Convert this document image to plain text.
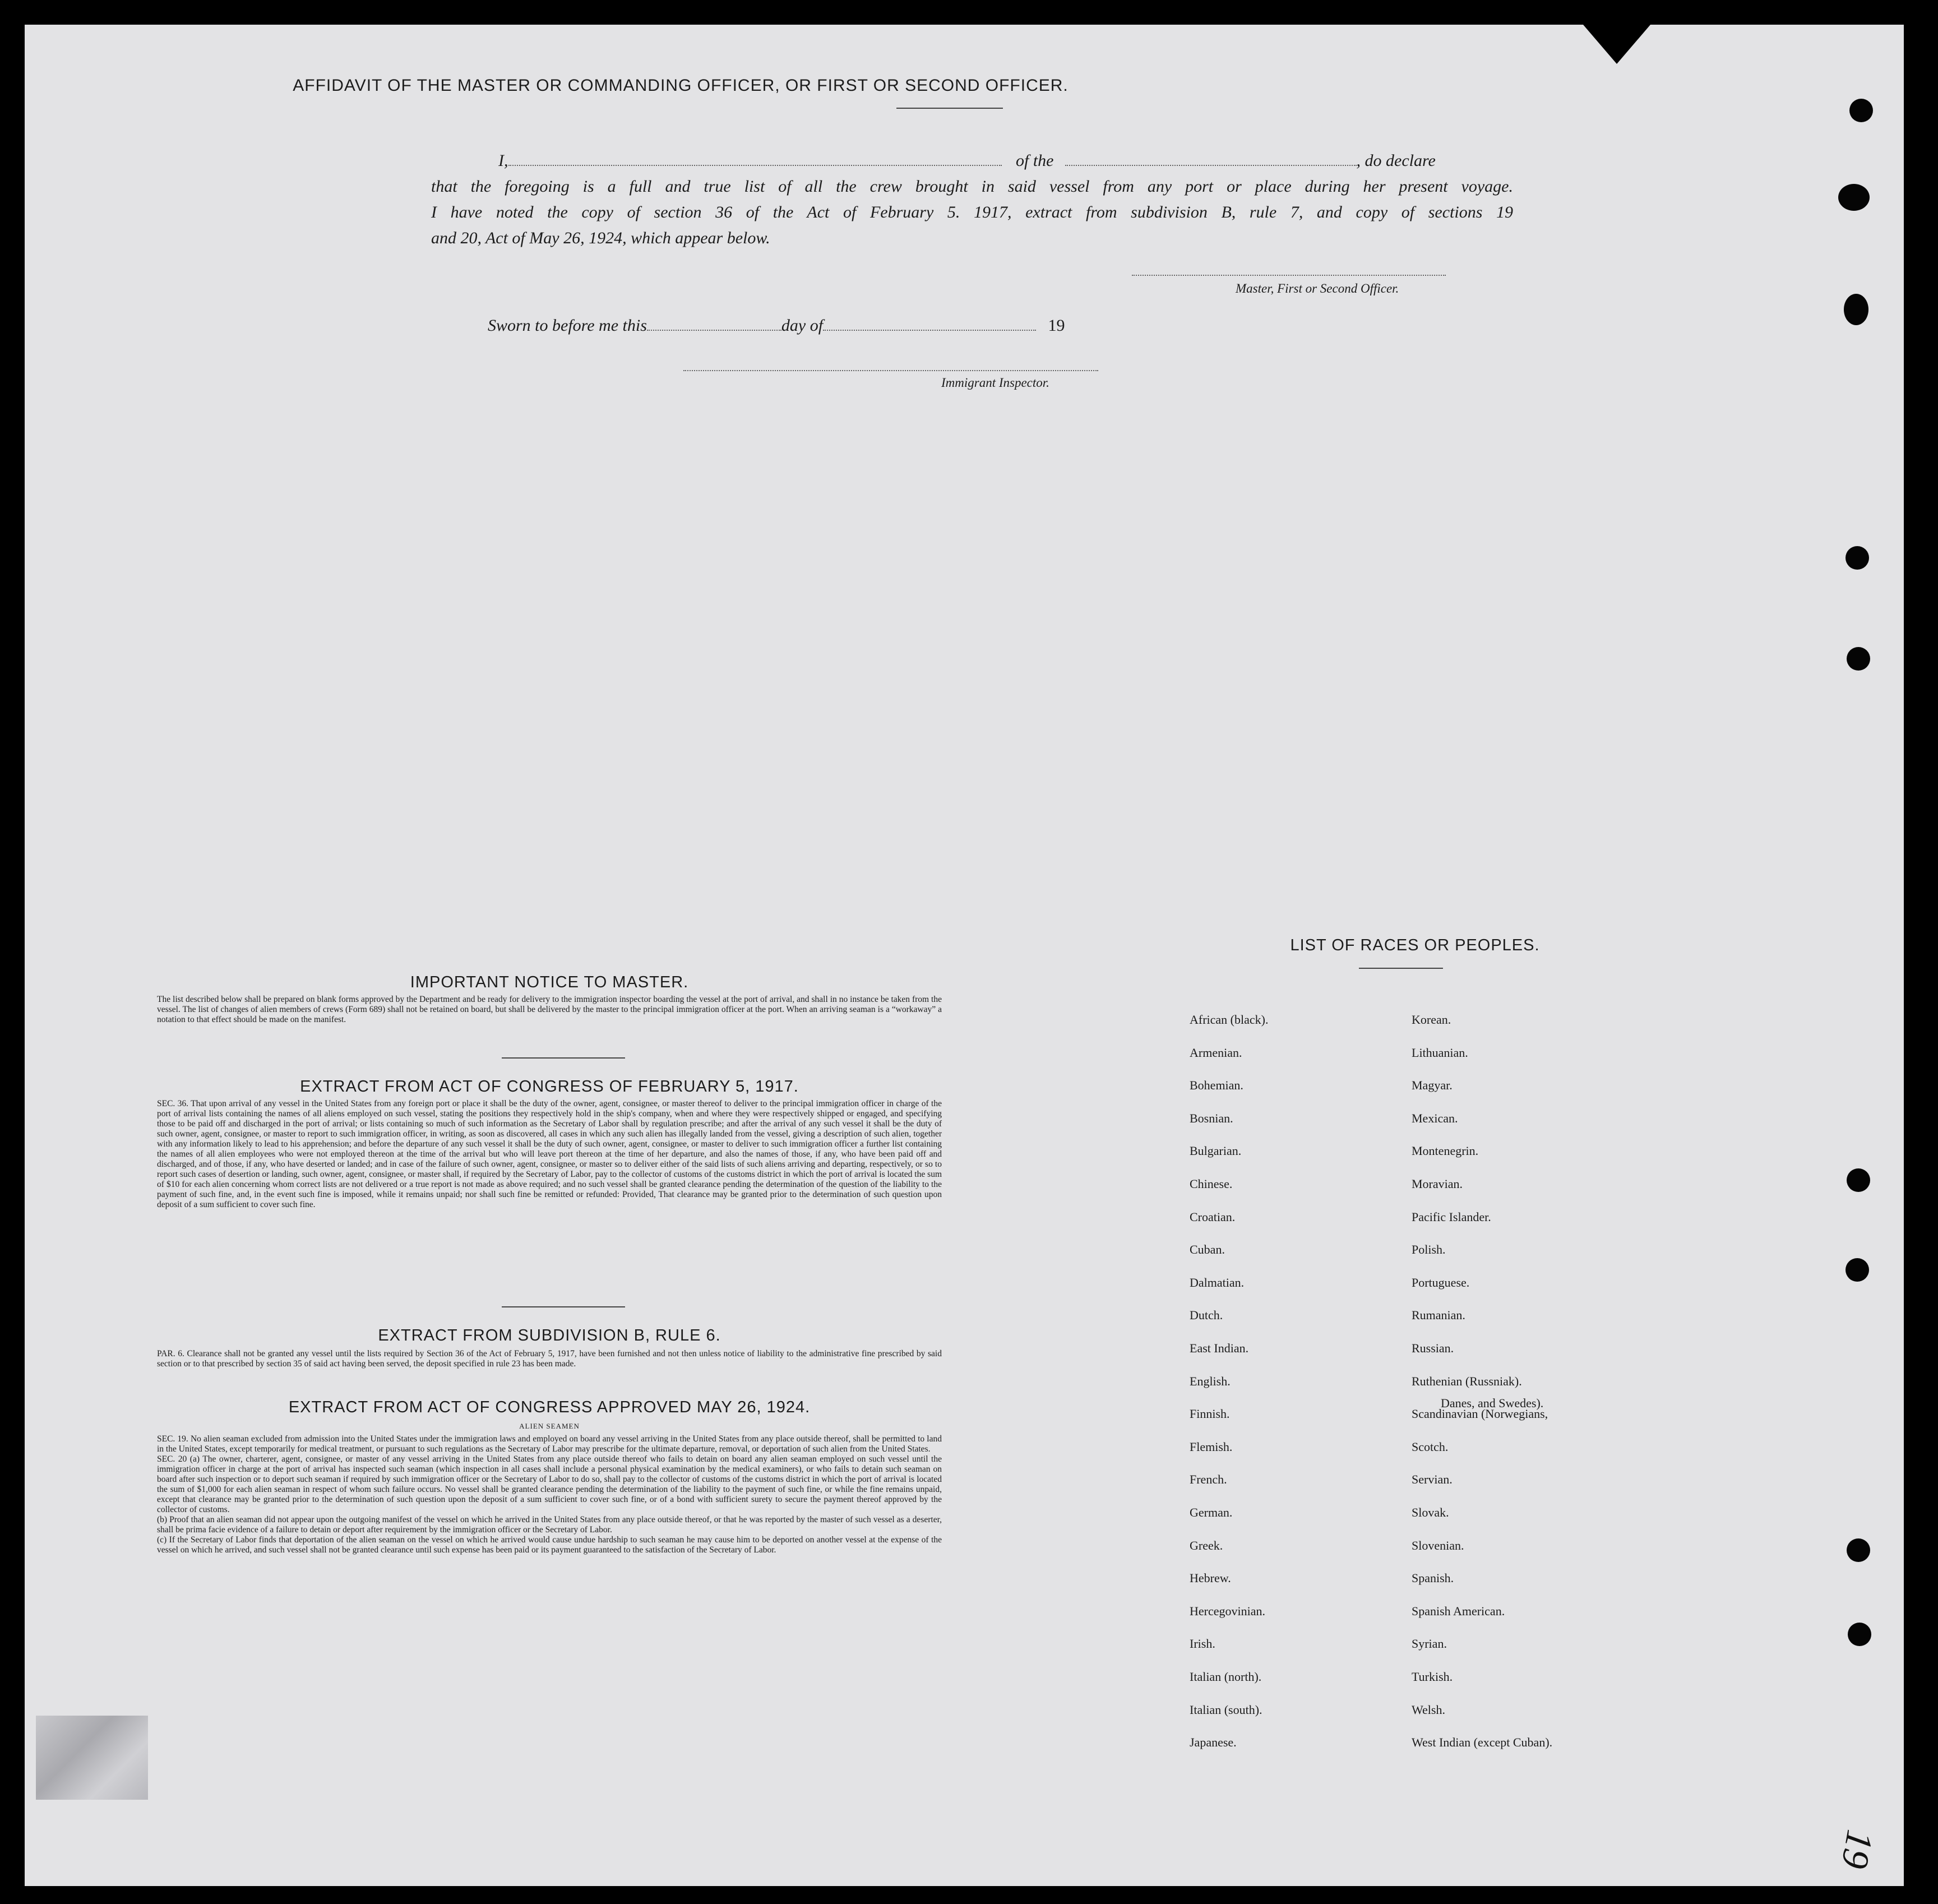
AFFIDAVIT OF THE MASTER OR COMMANDING OFFICER, OR FIRST OR SECOND OFFICER.
I,	of the	, do declare
that the foregoing is a full and true list of all the crew brought in said vessel from any port or place during her present voyage.
I have noted the copy of section 36 of the Act of February 5. 1917, extract from subdivision B, rule 7, and copy of sections 19
and 20, Act of May 26, 1924, which appear below.
Master, First or Second Officer.
Sworn to before me this	day of	19
Immigrant Inspector.
IMPORTANT NOTICE TO MASTER.
The list described below shall be prepared on blank forms approved by the Department and be ready for delivery to the immigration inspector boarding the vessel at the port of arrival, and shall in no instance be taken from the vessel. The list of changes of alien members of crews (Form 689) shall not be retained on board, but shall be delivered by the master to the principal immigration officer at the port. When an arriving seaman is a “workaway” a notation to that effect should be made on the manifest.
EXTRACT FROM ACT OF CONGRESS OF FEBRUARY 5, 1917.
SEC. 36. That upon arrival of any vessel in the United States from any foreign port or place it shall be the duty of the owner, agent, consignee, or master thereof to deliver to the principal immigration officer in charge of the port of arrival lists containing the names of all aliens employed on such vessel, stating the positions they respectively hold in the ship's company, when and where they were respectively shipped or engaged, and specifying those to be paid off and discharged in the port of arrival; or lists containing so much of such information as the Secretary of Labor shall by regulation prescribe; and after the arrival of any such vessel it shall be the duty of such owner, agent, consignee, or master to report to such immigration officer, in writing, as soon as discovered, all cases in which any such alien has illegally landed from the vessel, giving a description of such alien, together with any information likely to lead to his apprehension; and before the departure of any such vessel it shall be the duty of such owner, agent, consignee, or master to deliver to such immigration officer a further list containing the names of all alien employees who were not employed thereon at the time of the arrival but who will leave port thereon at the time of her departure, and also the names of those, if any, who have been paid off and discharged, and of those, if any, who have deserted or landed; and in case of the failure of such owner, agent, consignee, or master so to deliver either of the said lists of such aliens arriving and departing, respectively, or so to report such cases of desertion or landing, such owner, agent, consignee, or master shall, if required by the Secretary of Labor, pay to the collector of customs of the customs district in which the port of arrival is located the sum of $10 for each alien concerning whom correct lists are not delivered or a true report is not made as above required; and no such vessel shall be granted clearance pending the determination of the question of the liability to the payment of such fine, and, in the event such fine is imposed, while it remains unpaid; nor shall such fine be remitted or refunded: Provided, That clearance may be granted prior to the determination of such question upon deposit of a sum sufficient to cover such fine.
EXTRACT FROM SUBDIVISION B, RULE 6.
PAR. 6. Clearance shall not be granted any vessel until the lists required by Section 36 of the Act of February 5, 1917, have been furnished and not then unless notice of liability to the administrative fine prescribed by said section or to that prescribed by section 35 of said act having been served, the deposit specified in rule 23 has been made.
EXTRACT FROM ACT OF CONGRESS APPROVED MAY 26, 1924.
ALIEN SEAMEN
SEC. 19. No alien seaman excluded from admission into the United States under the immigration laws and employed on board any vessel arriving in the United States from any place outside thereof, shall be permitted to land in the United States, except temporarily for medical treatment, or pursuant to such regulations as the Secretary of Labor may prescribe for the ultimate departure, removal, or deportation of such alien from the United States.
SEC. 20 (a) The owner, charterer, agent, consignee, or master of any vessel arriving in the United States from any place outside thereof who fails to detain on board any alien seaman employed on such vessel until the immigration officer in charge at the port of arrival has inspected such seaman (which inspection in all cases shall include a personal physical examination by the medical examiners), or who fails to detain such seaman on board after such inspection or to deport such seaman if required by such immigration officer or the Secretary of Labor to do so, shall pay to the collector of customs of the customs district in which the port of arrival is located the sum of $1,000 for each alien seaman in respect of whom such failure occurs. No vessel shall be granted clearance pending the determination of the liability to the payment of such fine, or while the fine remains unpaid, except that clearance may be granted prior to the determination of such question upon the deposit of a sum sufficient to cover such fine, or of a bond with sufficient surety to secure the payment thereof approved by the collector of customs.
(b) Proof that an alien seaman did not appear upon the outgoing manifest of the vessel on which he arrived in the United States from any place outside thereof, or that he was reported by the master of such vessel as a deserter, shall be prima facie evidence of a failure to detain or deport after requirement by the immigration officer or the Secretary of Labor.
(c) If the Secretary of Labor finds that deportation of the alien seaman on the vessel on which he arrived would cause undue hardship to such seaman he may cause him to be deported on another vessel at the expense of the vessel on which he arrived, and such vessel shall not be granted clearance until such expense has been paid or its payment guaranteed to the satisfaction of the Secretary of Labor.
LIST OF RACES OR PEOPLES.
African (black).
Armenian.
Bohemian.
Bosnian.
Bulgarian.
Chinese.
Croatian.
Cuban.
Dalmatian.
Dutch.
East Indian.
English.
Finnish.
Flemish.
French.
German.
Greek.
Hebrew.
Hercegovinian.
Irish.
Italian (north).
Italian (south).
Japanese.
Korean.
Lithuanian.
Magyar.
Mexican.
Montenegrin.
Moravian.
Pacific Islander.
Polish.
Portuguese.
Rumanian.
Russian.
Ruthenian (Russniak).
Scandinavian (Norwegians,
Scotch.
Servian.
Slovak.
Slovenian.
Spanish.
Spanish American.
Syrian.
Turkish.
Welsh.
West Indian (except Cuban).
Danes, and Swedes).
19
